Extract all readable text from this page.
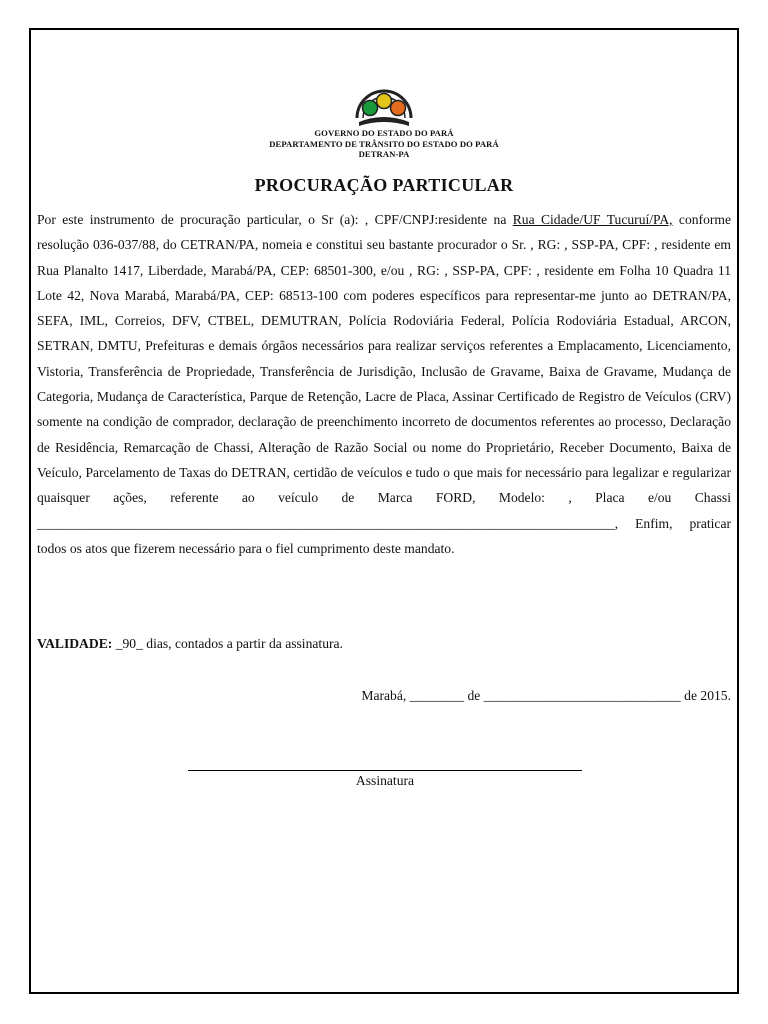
GOVERNO DO ESTADO DO PARÁ
DEPARTAMENTO DE TRÂNSITO DO ESTADO DO PARÁ
DETRAN-PA
PROCURAÇÃO PARTICULAR
Por este instrumento de procuração particular, o Sr (a): , CPF/CNPJ:residente na Rua Cidade/UF Tucuruí/PA, conforme resolução 036-037/88, do CETRAN/PA, nomeia e constitui seu bastante procurador o Sr. , RG: , SSP-PA, CPF: , residente em Rua Planalto 1417, Liberdade, Marabá/PA, CEP: 68501-300, e/ou , RG: , SSP-PA, CPF: , residente em Folha 10 Quadra 11 Lote 42, Nova Marabá, Marabá/PA, CEP: 68513-100 com poderes específicos para representar-me junto ao DETRAN/PA, SEFA, IML, Correios, DFV, CTBEL, DEMUTRAN, Polícia Rodoviária Federal, Polícia Rodoviária Estadual, ARCON, SETRAN, DMTU, Prefeituras e demais órgãos necessários para realizar serviços referentes a Emplacamento, Licenciamento, Vistoria, Transferência de Propriedade, Transferência de Jurisdição, Inclusão de Gravame, Baixa de Gravame, Mudança de Categoria, Mudança de Característica, Parque de Retenção, Lacre de Placa, Assinar Certificado de Registro de Veículos (CRV) somente na condição de comprador, declaração de preenchimento incorreto de documentos referentes ao processo, Declaração de Residência, Remarcação de Chassi, Alteração de Razão Social ou nome do Proprietário, Receber Documento, Baixa de Veículo, Parcelamento de Taxas do DETRAN, certidão de veículos e tudo o que mais for necessário para legalizar e regularizar quaisquer ações, referente ao veículo de Marca FORD, Modelo: , Placa e/ou Chassi _____________________________________________________________________________________, Enfim, praticar todos os atos que fizerem necessário para o fiel cumprimento deste mandato.
VALIDADE: _90_ dias, contados a partir da assinatura.
Marabá, ________ de _____________________________ de 2015.
Assinatura
